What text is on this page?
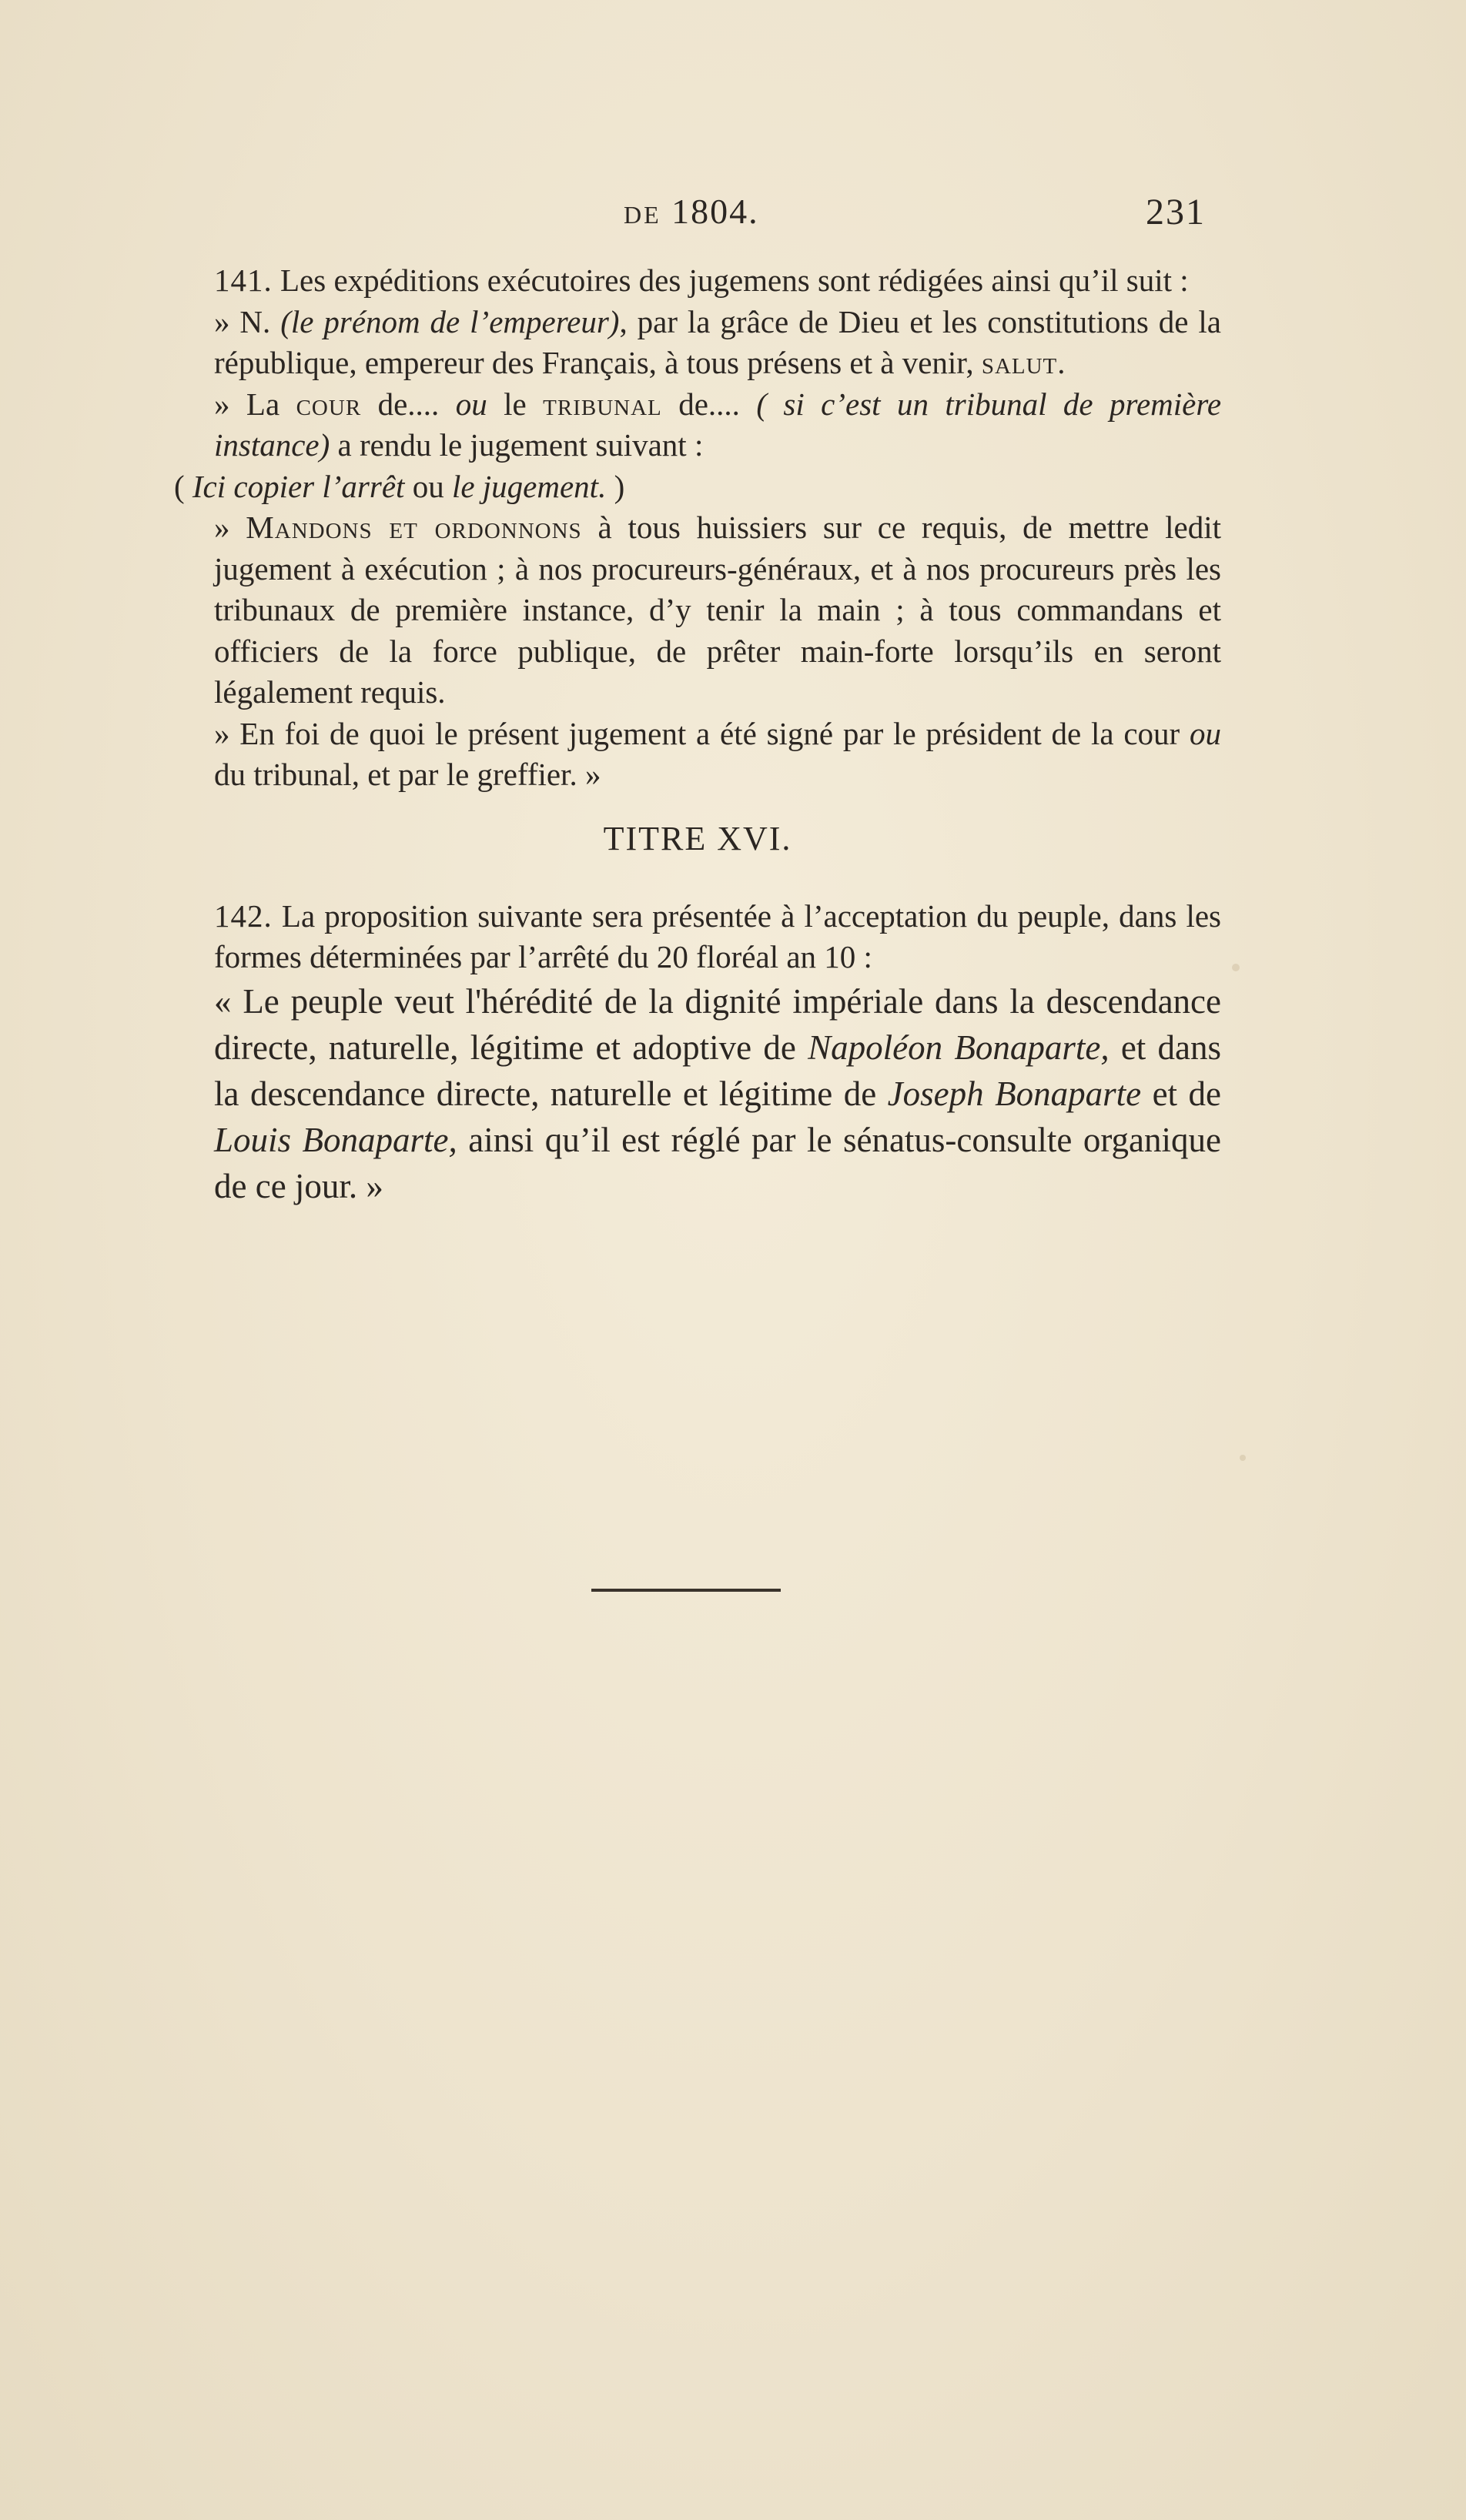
DE 1804.	231

141. Les expéditions exécutoires des jugemens sont rédigées ainsi qu’il suit :

» N. (le prénom de l’empereur), par la grâce de Dieu et les constitutions de la république, empereur des Français, à tous présens et à venir, salut.

» La cour de.... ou le tribunal de.... ( si c’est un tribunal de première instance) a rendu le jugement suivant :

( Ici copier l’arrêt ou le jugement. )

» Mandons et ordonnons à tous huissiers sur ce requis, de mettre ledit jugement à exécution ; à nos procureurs-généraux, et à nos procureurs près les tribunaux de première instance, d’y tenir la main ; à tous commandans et officiers de la force publique, de prêter main-forte lorsqu’ils en seront légalement requis.

» En foi de quoi le présent jugement a été signé par le président de la cour ou du tribunal, et par le greffier. »

TITRE XVI.

142. La proposition suivante sera présentée à l’acceptation du peuple, dans les formes déterminées par l’arrêté du 20 floréal an 10 :

« Le peuple veut l'hérédité de la dignité impériale dans la descendance directe, naturelle, légitime et adoptive de Napoléon Bonaparte, et dans la descendance directe, naturelle et légitime de Joseph Bonaparte et de Louis Bonaparte, ainsi qu’il est réglé par le sénatus-consulte organique de ce jour. »
